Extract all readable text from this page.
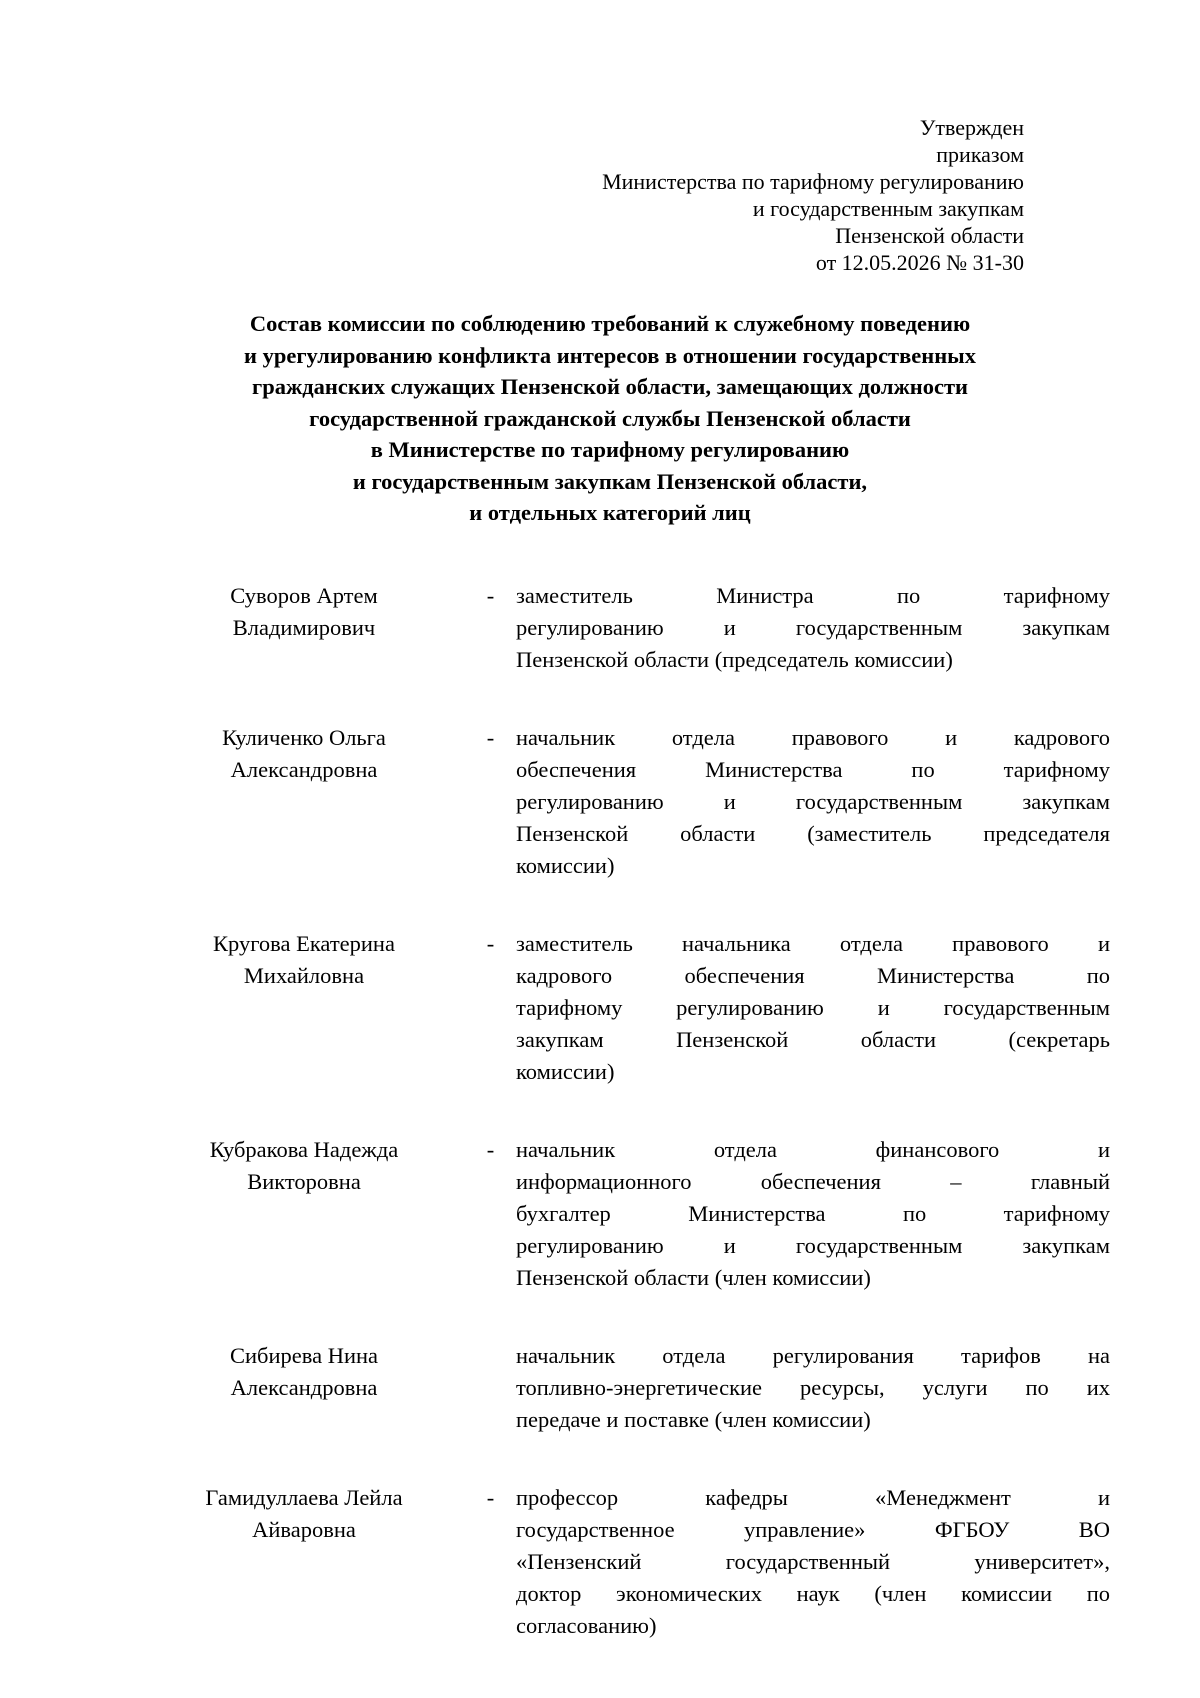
Утвержден
приказом
Министерства по тарифному регулированию
и государственным закупкам
Пензенской области
от 12.05.2026 № 31-30
Состав комиссии по соблюдению требований к служебному поведению
и урегулированию конфликта интересов в отношении государственных
гражданских служащих Пензенской области, замещающих должности
государственной гражданской службы Пензенской области
в Министерстве по тарифному регулированию
и государственным закупкам Пензенской области,
и отдельных категорий лиц
Суворов Артем
Владимирович
- заместитель Министра по тарифному
регулированию и государственным закупкам
Пензенской области (председатель комиссии)
Куличенко Ольга
Александровна
- начальник отдела правового и кадрового
обеспечения Министерства по тарифному
регулированию и государственным закупкам
Пензенской области (заместитель председателя
комиссии)
Кругова Екатерина
Михайловна
- заместитель начальника отдела правового и
кадрового обеспечения Министерства по
тарифному регулированию и государственным
закупкам Пензенской области (секретарь
комиссии)
Кубракова Надежда
Викторовна
- начальник отдела финансового и
информационного обеспечения – главный
бухгалтер Министерства по тарифному
регулированию и государственным закупкам
Пензенской области (член комиссии)
Сибирева Нина
Александровна
начальник отдела регулирования тарифов на
топливно-энергетические ресурсы, услуги по их
передаче и поставке (член комиссии)
Гамидуллаева Лейла
Айваровна
- профессор кафедры «Менеджмент и
государственное управление» ФГБОУ ВО
«Пензенский государственный университет»,
доктор экономических наук (член комиссии по
согласованию)
